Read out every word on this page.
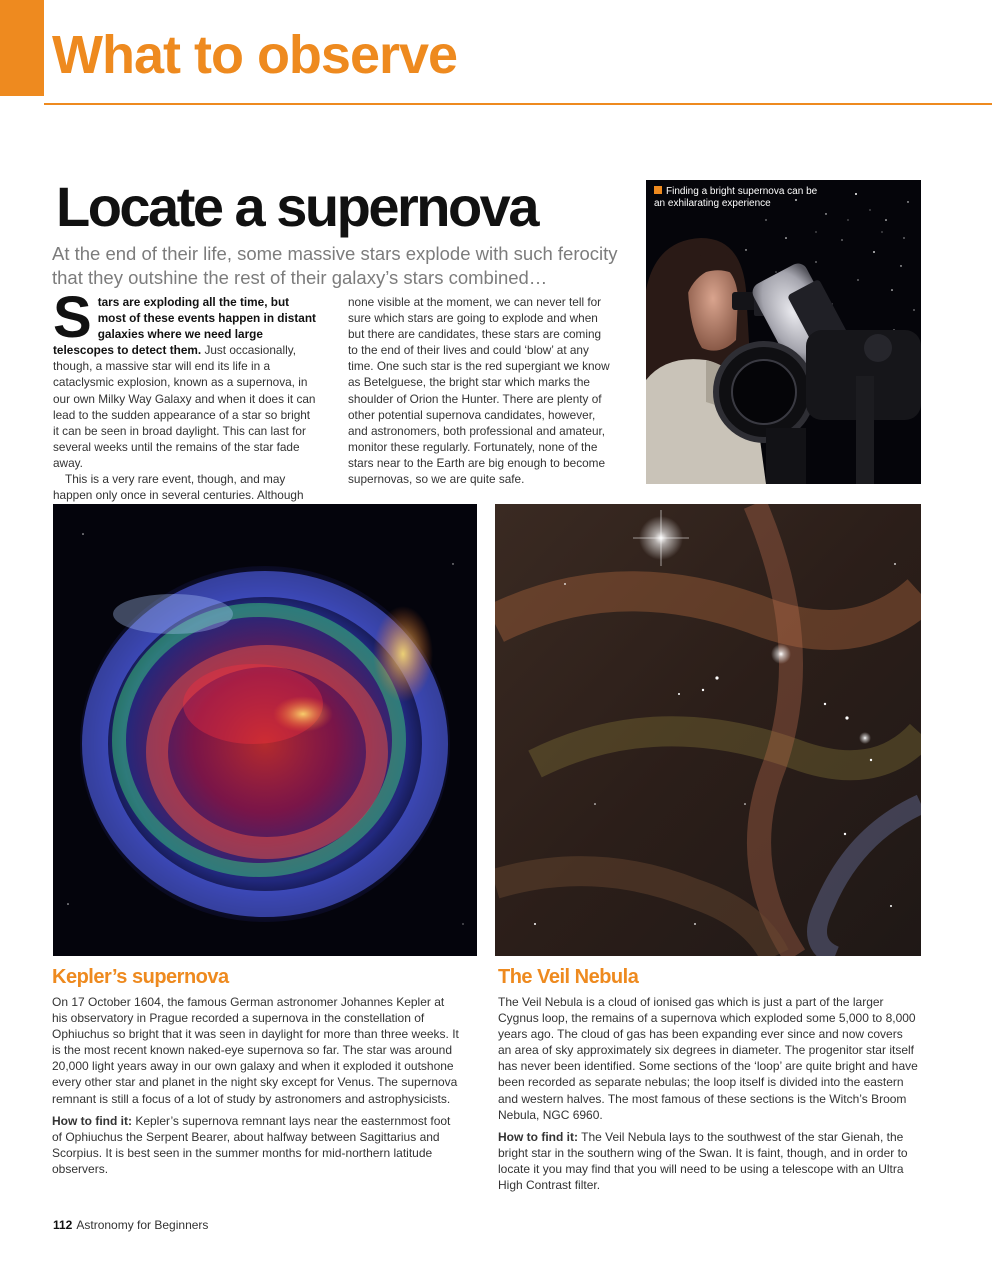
What to observe
Locate a supernova

At the end of their life, some massive stars explode with such ferocity that they outshine the rest of their galaxy’s stars combined…

Stars are exploding all the time, but most of these events happen in distant galaxies where we need large telescopes to detect them. Just occasionally, though, a massive star will end its life in a cataclysmic explosion, known as a supernova, in our own Milky Way Galaxy and when it does it can lead to the sudden appearance of a star so bright it can be seen in broad daylight. This can last for several weeks until the remains of the star fade away.

This is a very rare event, though, and may happen only once in several centuries. Although

none visible at the moment, we can never tell for sure which stars are going to explode and when but there are candidates, these stars are coming to the end of their lives and could ‘blow’ at any time. One such star is the red supergiant we know as Betelguese, the bright star which marks the shoulder of Orion the Hunter. There are plenty of other potential supernova candidates, however, and astronomers, both professional and amateur, monitor these regularly. Fortunately, none of the stars near to the Earth are big enough to become supernovas, so we are quite safe.

Finding a bright supernova can be an exhilarating experience
Kepler’s supernova

On 17 October 1604, the famous German astronomer Johannes Kepler at his observatory in Prague recorded a supernova in the constellation of Ophiuchus so bright that it was seen in daylight for more than three weeks. It is the most recent known naked-eye supernova so far. The star was around 20,000 light years away in our own galaxy and when it exploded it outshone every other star and planet in the night sky except for Venus. The supernova remnant is still a focus of a lot of study by astronomers and astrophysicists.

How to find it: Kepler’s supernova remnant lays near the easternmost foot of Ophiuchus the Serpent Bearer, about halfway between Sagittarius and Scorpius. It is best seen in the summer months for mid-northern latitude observers.

The Veil Nebula

The Veil Nebula is a cloud of ionised gas which is just a part of the larger Cygnus loop, the remains of a supernova which exploded some 5,000 to 8,000 years ago. The cloud of gas has been expanding ever since and now covers an area of sky approximately six degrees in diameter. The progenitor star itself has never been identified. Some sections of the ‘loop’ are quite bright and have been recorded as separate nebulas; the loop itself is divided into the eastern and western halves. The most famous of these sections is the Witch’s Broom Nebula, NGC 6960.

How to find it: The Veil Nebula lays to the southwest of the star Gienah, the bright star in the southern wing of the Swan. It is faint, though, and in order to locate it you may find that you will need to be using a telescope with an Ultra High Contrast filter.

112 Astronomy for Beginners
